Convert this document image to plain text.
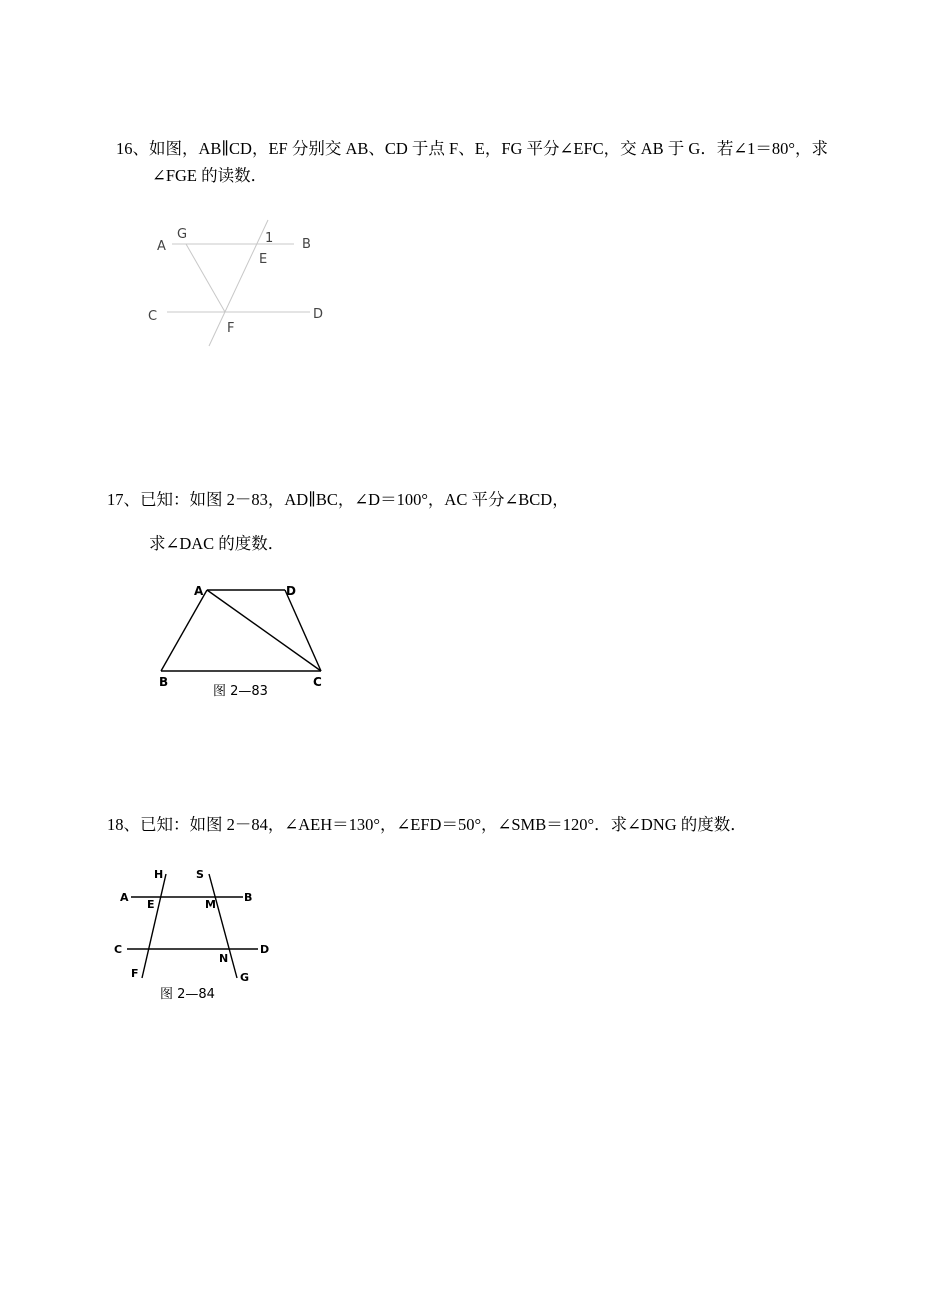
16、如图，AB∥CD，EF 分别交 AB、CD 于点 F、E，FG 平分∠EFC，交 AB 于 G．若∠1＝80°，求
∠FGE 的读数．
A
G	1 B
E
C	D
F
17、已知：如图 2－83，AD∥BC，∠D＝100°，AC 平分∠BCD，
求∠DAC 的度数．
A	D
B	C
图 2—83
18、已知：如图 2－84，∠AEH＝130°，∠EFD＝50°，∠SMB＝120°．求∠DNG 的度数．
H	S
A
E	M
B
C	D
F
N
G
图 2—84
